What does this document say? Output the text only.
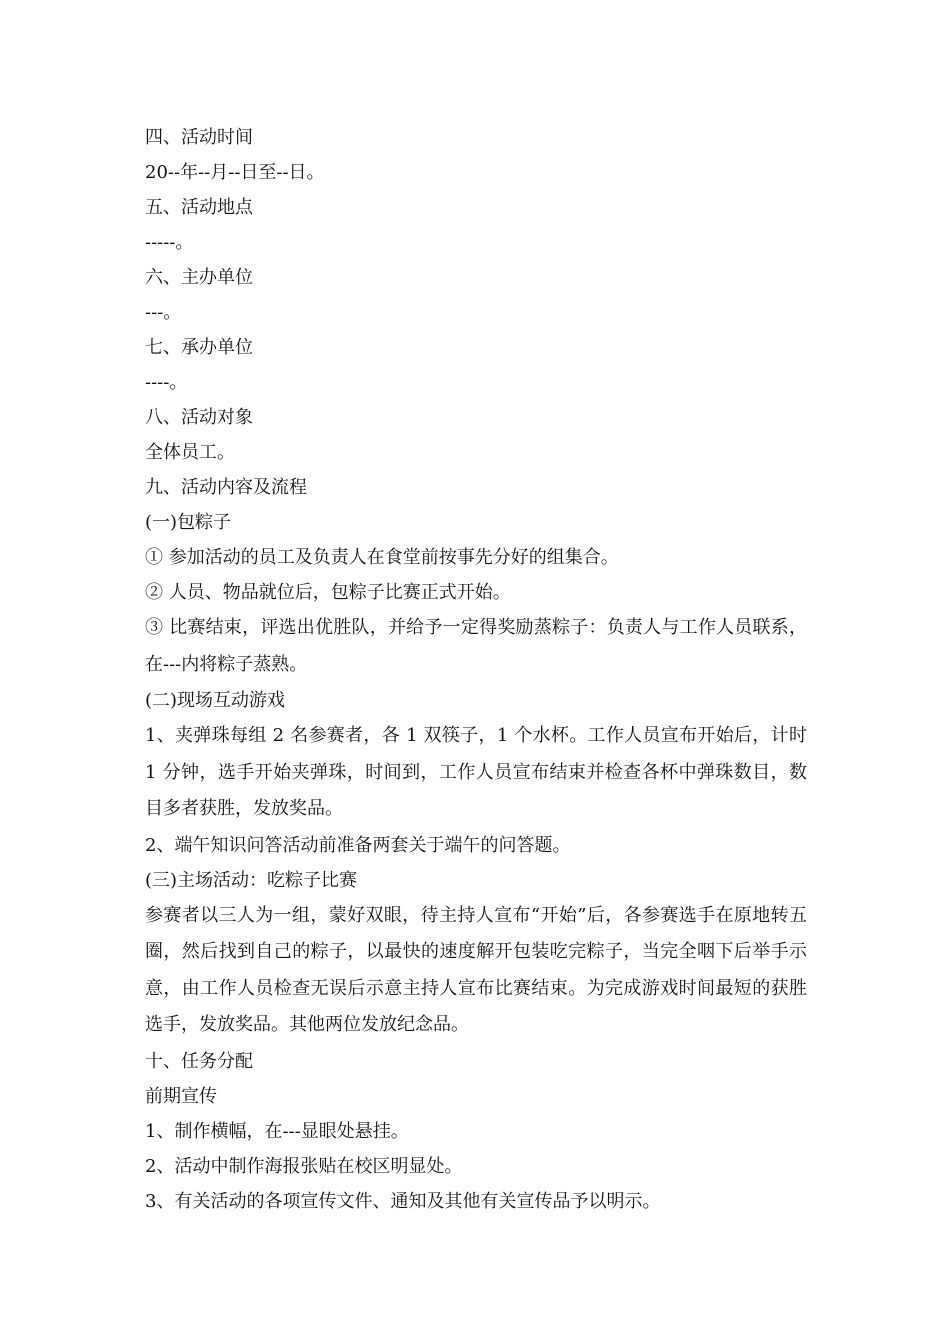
四、活动时间

20--年--月--日至--日。

五、活动地点

-----。

六、主办单位

---。

七、承办单位

----。

八、活动对象

全体员工。

九、活动内容及流程

(一)包粽子

① 参加活动的员工及负责人在食堂前按事先分好的组集合。

② 人员、物品就位后，包粽子比赛正式开始。

③ 比赛结束，评选出优胜队，并给予一定得奖励蒸粽子：负责人与工作人员联系，在---内将粽子蒸熟。

(二)现场互动游戏

1、夹弹珠每组 2 名参赛者，各 1 双筷子，1 个水杯。工作人员宣布开始后，计时 1 分钟，选手开始夹弹珠，时间到，工作人员宣布结束并检查各杯中弹珠数目，数目多者获胜，发放奖品。

2、端午知识问答活动前准备两套关于端午的问答题。

(三)主场活动：吃粽子比赛

参赛者以三人为一组，蒙好双眼，待主持人宣布“开始”后，各参赛选手在原地转五圈，然后找到自己的粽子，以最快的速度解开包装吃完粽子，当完全咽下后举手示意，由工作人员检查无误后示意主持人宣布比赛结束。为完成游戏时间最短的获胜选手，发放奖品。其他两位发放纪念品。

十、任务分配

前期宣传

1、制作横幅，在---显眼处悬挂。

2、活动中制作海报张贴在校区明显处。

3、有关活动的各项宣传文件、通知及其他有关宣传品予以明示。
